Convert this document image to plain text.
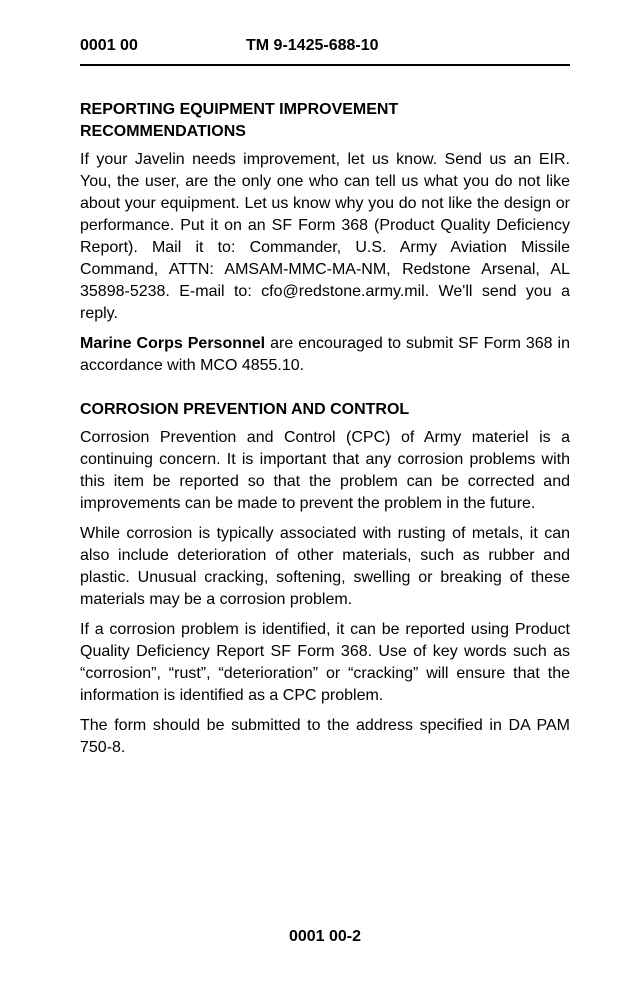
0001 00	TM 9-1425-688-10
REPORTING EQUIPMENT IMPROVEMENT
RECOMMENDATIONS

If your Javelin needs improvement, let us know. Send us an EIR. You, the user, are the only one who can tell us what you do not like about your equipment. Let us know why you do not like the design or performance. Put it on an SF Form 368 (Product Quality Deficiency Report). Mail it to: Commander, U.S. Army Aviation Missile Command, ATTN: AMSAM-MMC-MA-NM, Redstone Arsenal, AL 35898-5238. E-mail to: cfo@redstone.army.mil. We'll send you a reply.

Marine Corps Personnel are encouraged to submit SF Form 368 in accordance with MCO 4855.10.

CORROSION PREVENTION AND CONTROL

Corrosion Prevention and Control (CPC) of Army materiel is a continuing concern. It is important that any corrosion problems with this item be reported so that the problem can be corrected and improvements can be made to prevent the problem in the future.

While corrosion is typically associated with rusting of metals, it can also include deterioration of other materials, such as rubber and plastic. Unusual cracking, softening, swelling or breaking of these materials may be a corrosion problem.

If a corrosion problem is identified, it can be reported using Product Quality Deficiency Report SF Form 368. Use of key words such as “corrosion”, “rust”, “deterioration” or “cracking” will ensure that the information is identified as a CPC problem.

The form should be submitted to the address specified in DA PAM 750-8.

0001 00-2
